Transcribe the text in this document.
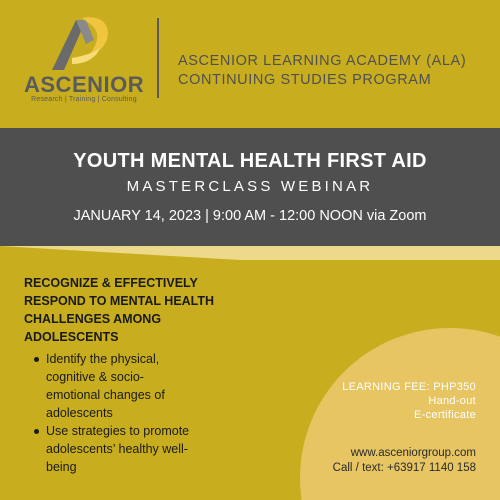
ASCENIOR
Research | Training | Consulting
ASCENIOR LEARNING ACADEMY (ALA)
CONTINUING STUDIES PROGRAM
YOUTH MENTAL HEALTH FIRST AID
MASTERCLASS WEBINAR
JANUARY 14, 2023 | 9:00 AM - 12:00 NOON via Zoom
RECOGNIZE & EFFECTIVELY
RESPOND TO MENTAL HEALTH
CHALLENGES AMONG
ADOLESCENTS
Identify the physical,
cognitive & socio-
emotional changes of
adolescents
Use strategies to promote
adolescents’ healthy well-
being
LEARNING FEE: PHP350
Hand-out
E-certificate
www.asceniorgroup.com
Call / text: +63917 1140 158
